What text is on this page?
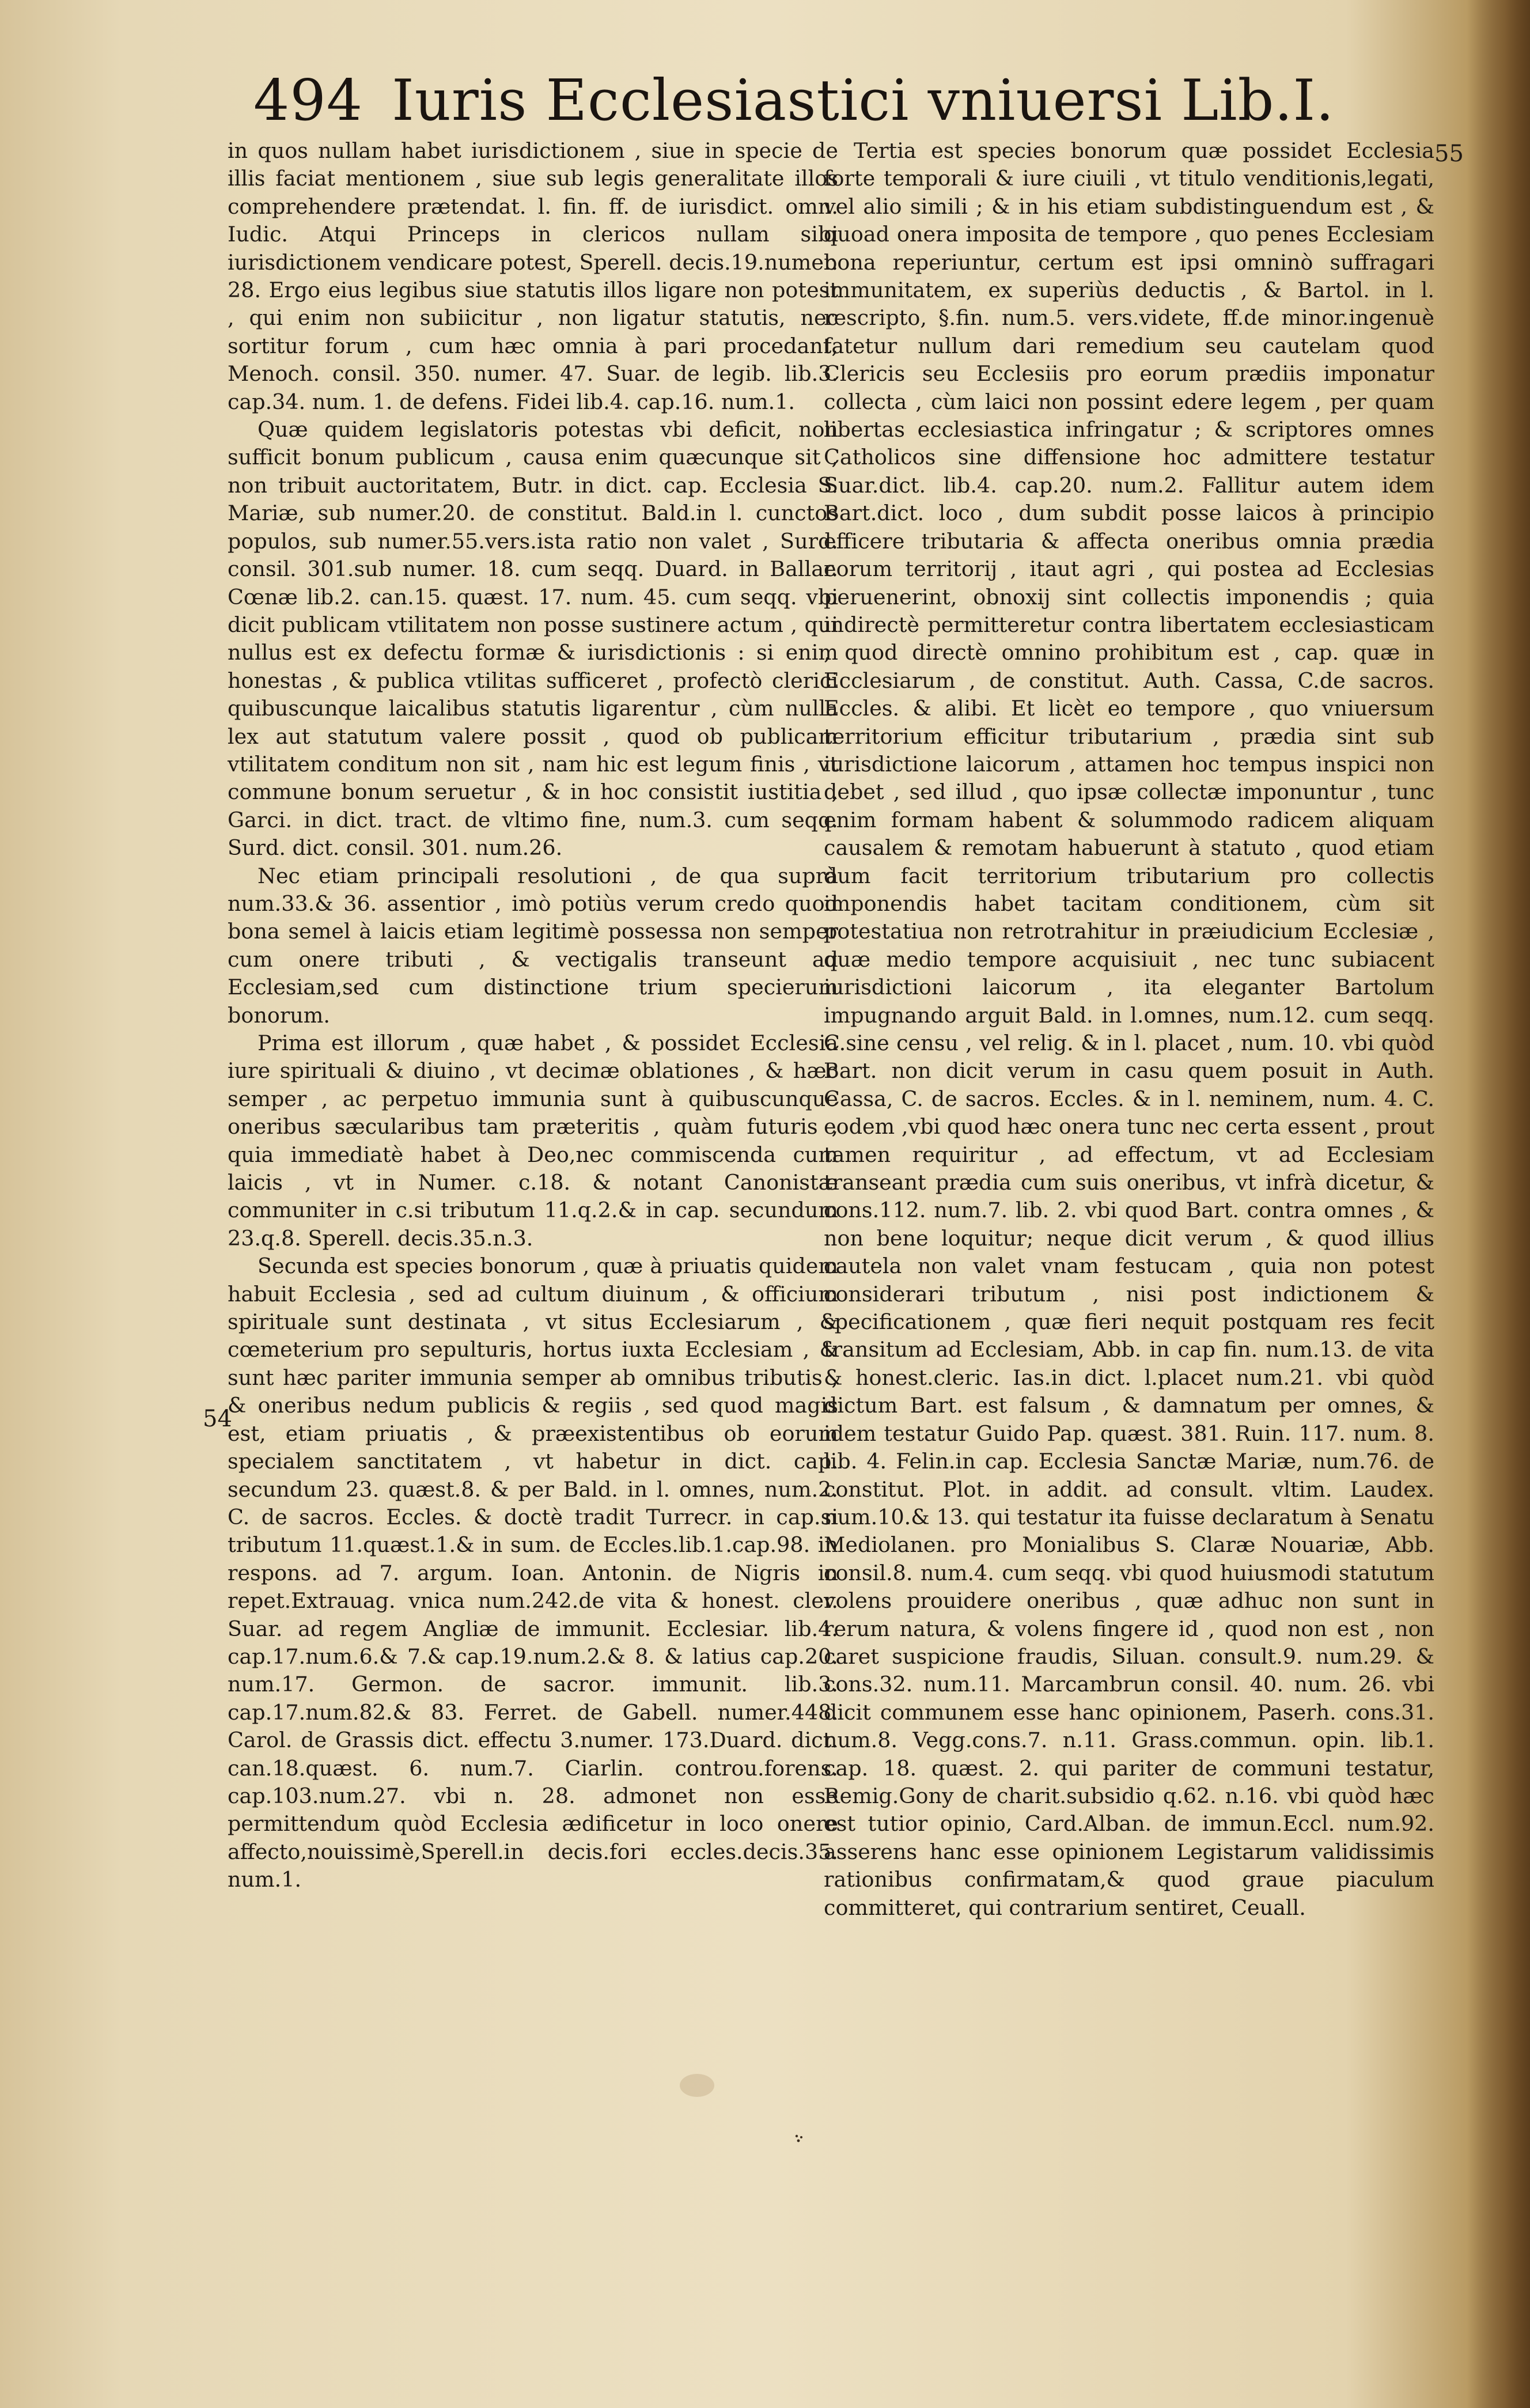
494 Iuris Ecclesiastici vniuersi Lib.I.
54
55

in quos nullam habet iurisdictionem , siue in specie de illis faciat mentionem , siue sub legis generalitate illos comprehendere prætendat. l. fin. ff. de iurisdict. omn. Iudic. Atqui Princeps in clericos nullam sibi iurisdictionem vendicare potest, Sperell. decis.19.numer. 28. Ergo eius legibus siue statutis illos ligare non potest , qui enim non subiicitur , non ligatur statutis, nec sortitur forum , cum hæc omnia à pari procedant, Menoch. consil. 350. numer. 47. Suar. de legib. lib.3. cap.34. num. 1. de defens. Fidei lib.4. cap.16. num.1.

Quæ quidem legislatoris potestas vbi deficit, non sufficit bonum publicum , causa enim quæcunque sit , non tribuit auctoritatem, Butr. in dict. cap. Ecclesia S. Mariæ, sub numer.20. de constitut. Bald.in l. cunctos populos, sub numer.55.vers.ista ratio non valet , Surd. consil. 301.sub numer. 18. cum seqq. Duard. in Ballar. Cœnæ lib.2. can.15. quæst. 17. num. 45. cum seqq. vbi dicit publicam vtilitatem non posse sustinere actum , qui nullus est ex defectu formæ & iurisdictionis : si enim honestas , & publica vtilitas sufficeret , profectò clerici quibuscunque laicalibus statutis ligarentur , cùm nulla lex aut statutum valere possit , quod ob publicam vtilitatem conditum non sit , nam hic est legum finis , vt commune bonum seruetur , & in hoc consistit iustitia , Garci. in dict. tract. de vltimo fine, num.3. cum seqq. Surd. dict. consil. 301. num.26.

Nec etiam principali resolutioni , de qua suprà num.33.& 36. assentior , imò potiùs verum credo quod bona semel à laicis etiam legitimè possessa non semper cum onere tributi , & vectigalis transeunt ad Ecclesiam,sed cum distinctione trium specierum bonorum.

Prima est illorum , quæ habet , & possidet Ecclesia iure spirituali & diuino , vt decimæ oblationes , & hæc semper , ac perpetuo immunia sunt à quibuscunque oneribus sæcularibus tam præteritis , quàm futuris , quia immediatè habet à Deo,nec commiscenda cum laicis , vt in Numer. c.18. & notant Canonistæ communiter in c.si tributum 11.q.2.& in cap. secundum 23.q.8. Sperell. decis.35.n.3.

Secunda est species bonorum , quæ à priuatis quidem habuit Ecclesia , sed ad cultum diuinum , & officium spirituale sunt destinata , vt situs Ecclesiarum , & cœmeterium pro sepulturis, hortus iuxta Ecclesiam , & sunt hæc pariter immunia semper ab omnibus tributis , & oneribus nedum publicis & regiis , sed quod magis est, etiam priuatis , & præexistentibus ob eorum specialem sanctitatem , vt habetur in dict. cap. secundum 23. quæst.8. & per Bald. in l. omnes, num.2. C. de sacros. Eccles. & doctè tradit Turrecr. in cap.si tributum 11.quæst.1.& in sum. de Eccles.lib.1.cap.98. in respons. ad 7. argum. Ioan. Antonin. de Nigris in repet.Extrauag. vnica num.242.de vita & honest. cler. Suar. ad regem Angliæ de immunit. Ecclesiar. lib.4. cap.17.num.6.& 7.& cap.19.num.2.& 8. & latius cap.20. num.17. Germon. de sacror. immunit. lib.3. cap.17.num.82.& 83. Ferret. de Gabell. numer.448. Carol. de Grassis dict. effectu 3.numer. 173.Duard. dict. can.18.quæst. 6. num.7. Ciarlin. controu.forens. cap.103.num.27. vbi n. 28. admonet non esse permittendum quòd Ecclesia ædificetur in loco onere affecto,nouissimè,Sperell.in decis.fori eccles.decis.35. num.1.

Tertia est species bonorum quæ possidet Ecclesia forte temporali & iure ciuili , vt titulo venditionis,legati, vel alio simili ; & in his etiam subdistinguendum est , & quoad onera imposita de tempore , quo penes Ecclesiam bona reperiuntur, certum est ipsi omninò suffragari immunitatem, ex superiùs deductis , & Bartol. in l. rescripto, §.fin. num.5. vers.videte, ff.de minor.ingenuè fatetur nullum dari remedium seu cautelam quod Clericis seu Ecclesiis pro eorum prædiis imponatur collecta , cùm laici non possint edere legem , per quam libertas ecclesiastica infringatur ; & scriptores omnes Catholicos sine diffensione hoc admittere testatur Suar.dict. lib.4. cap.20. num.2. Fallitur autem idem Bart.dict. loco , dum subdit posse laicos à principio efficere tributaria & affecta oneribus omnia prædia eorum territorij , itaut agri , qui postea ad Ecclesias peruenerint, obnoxij sint collectis imponendis ; quia indirectè permitteretur contra libertatem ecclesiasticam , quod directè omnino prohibitum est , cap. quæ in Ecclesiarum , de constitut. Auth. Cassa, C.de sacros. Eccles. & alibi. Et licèt eo tempore , quo vniuersum territorium efficitur tributarium , prædia sint sub iurisdictione laicorum , attamen hoc tempus inspici non debet , sed illud , quo ipsæ collectæ imponuntur , tunc enim formam habent & solummodo radicem aliquam causalem & remotam habuerunt à statuto , quod etiam dum facit territorium tributarium pro collectis imponendis habet tacitam conditionem, cùm sit potestatiua non retrotrahitur in præiudicium Ecclesiæ , quæ medio tempore acquisiuit , nec tunc subiacent iurisdictioni laicorum , ita eleganter Bartolum impugnando arguit Bald. in l.omnes, num.12. cum seqq. C.sine censu , vel relig. & in l. placet , num. 10. vbi quòd Bart. non dicit verum in casu quem posuit in Auth. Cassa, C. de sacros. Eccles. & in l. neminem, num. 4. C. eodem ,vbi quod hæc onera tunc nec certa essent , prout tamen requiritur , ad effectum, vt ad Ecclesiam transeant prædia cum suis oneribus, vt infrà dicetur, & cons.112. num.7. lib. 2. vbi quod Bart. contra omnes , & non bene loquitur; neque dicit verum , & quod illius cautela non valet vnam festucam , quia non potest considerari tributum , nisi post indictionem & specificationem , quæ fieri nequit postquam res fecit transitum ad Ecclesiam, Abb. in cap fin. num.13. de vita & honest.cleric. Ias.in dict. l.placet num.21. vbi quòd dictum Bart. est falsum , & damnatum per omnes, & idem testatur Guido Pap. quæst. 381. Ruin. 117. num. 8. lib. 4. Felin.in cap. Ecclesia Sanctæ Mariæ, num.76. de constitut. Plot. in addit. ad consult. vltim. Laudex. num.10.& 13. qui testatur ita fuisse declaratum à Senatu Mediolanen. pro Monialibus S. Claræ Nouariæ, Abb. consil.8. num.4. cum seqq. vbi quod huiusmodi statutum volens prouidere oneribus , quæ adhuc non sunt in rerum natura, & volens fingere id , quod non est , non caret suspicione fraudis, Siluan. consult.9. num.29. & cons.32. num.11. Marcambrun consil. 40. num. 26. vbi dicit communem esse hanc opinionem, Paserh. cons.31. num.8. Vegg.cons.7. n.11. Grass.commun. opin. lib.1. cap. 18. quæst. 2. qui pariter de communi testatur, Remig.Gony de charit.subsidio q.62. n.16. vbi quòd hæc est tutior opinio, Card.Alban. de immun.Eccl. num.92. asserens hanc esse opinionem Legistarum validissimis rationibus confirmatam,& quod graue piaculum committeret, qui contrarium sentiret, Ceuall.
